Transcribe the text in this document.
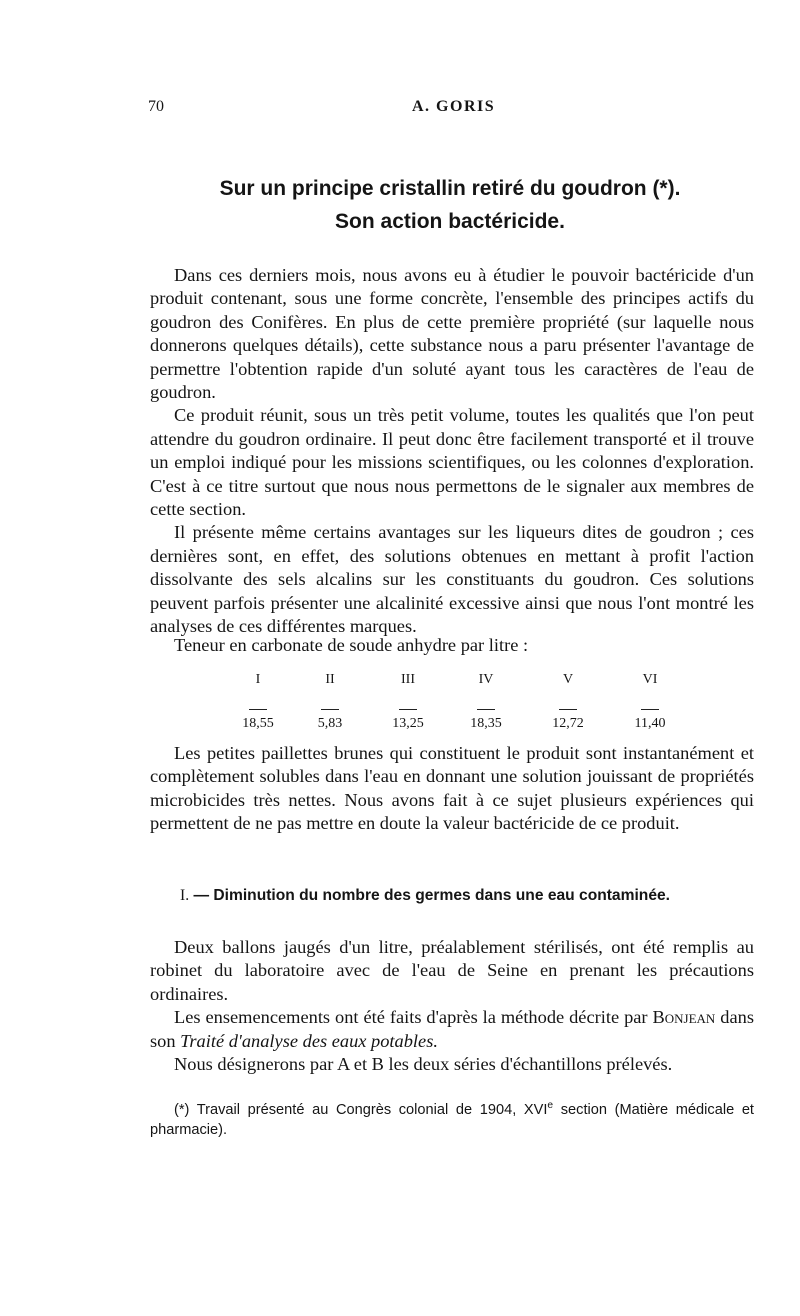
70	A. GORIS
Sur un principe cristallin retiré du goudron (*).
Son action bactéricide.

Dans ces derniers mois, nous avons eu à étudier le pouvoir bactéricide d'un produit contenant, sous une forme concrète, l'ensemble des principes actifs du goudron des Conifères. En plus de cette première propriété (sur laquelle nous donnerons quelques détails), cette substance nous a paru présenter l'avantage de permettre l'obtention rapide d'un soluté ayant tous les caractères de l'eau de goudron.

Ce produit réunit, sous un très petit volume, toutes les qualités que l'on peut attendre du goudron ordinaire. Il peut donc être facilement transporté et il trouve un emploi indiqué pour les missions scientifiques, ou les colonnes d'exploration. C'est à ce titre surtout que nous nous permettons de le signaler aux membres de cette section.

Il présente même certains avantages sur les liqueurs dites de goudron ; ces dernières sont, en effet, des solutions obtenues en mettant à profit l'action dissolvante des sels alcalins sur les constituants du goudron. Ces solutions peuvent parfois présenter une alcalinité excessive ainsi que nous l'ont montré les analyses de ces différentes marques.

Teneur en carbonate de soude anhydre par litre :

I	II	III	IV	V	VI
18,55	5,83	13,25	18,35	12,72	11,40

Les petites paillettes brunes qui constituent le produit sont instantanément et complètement solubles dans l'eau en donnant une solution jouissant de propriétés microbicides très nettes. Nous avons fait à ce sujet plusieurs expériences qui permettent de ne pas mettre en doute la valeur bactéricide de ce produit.

I. — Diminution du nombre des germes dans une eau contaminée.

Deux ballons jaugés d'un litre, préalablement stérilisés, ont été remplis au robinet du laboratoire avec de l'eau de Seine en prenant les précautions ordinaires.

Les ensemencements ont été faits d'après la méthode décrite par Bonjean dans son Traité d'analyse des eaux potables.

Nous désignerons par A et B les deux séries d'échantillons prélevés.

(*) Travail présenté au Congrès colonial de 1904, XVIe section (Matière médicale et pharmacie).
